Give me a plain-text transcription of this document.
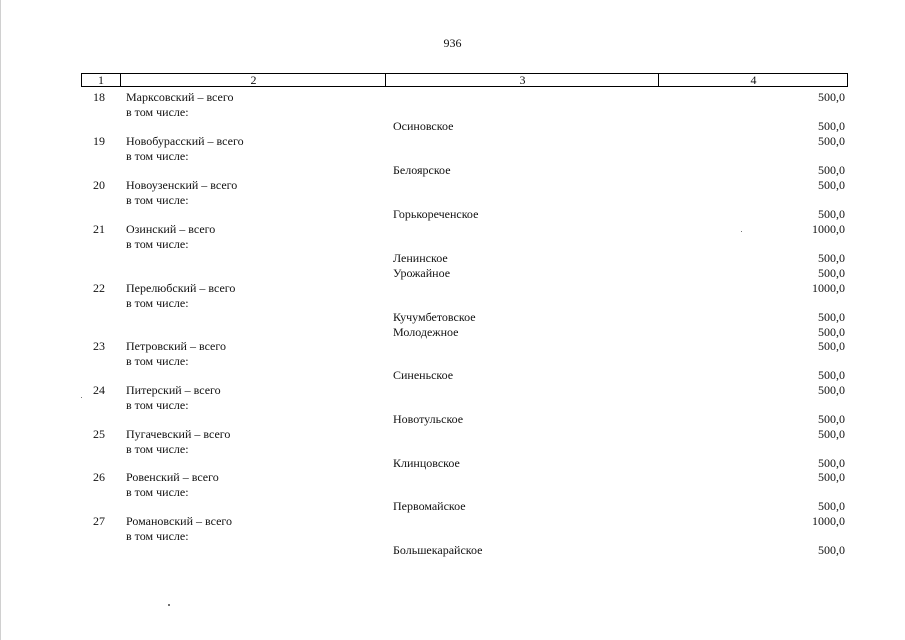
936
1	2	3	4
18 Марксовский – всего	500,0
в том числе:
Осиновское	500,0
19 Новобурасский – всего	500,0
в том числе:
Белоярское	500,0
20 Новоузенский – всего	500,0
в том числе:
Горькореченское	500,0
21 Озинский – всего	1000,0
в том числе:
Ленинское	500,0
Урожайное	500,0
22 Перелюбский – всего	1000,0
в том числе:
Кучумбетовское	500,0
Молодежное	500,0
23 Петровский – всего	500,0
в том числе:
Синеньское	500,0
24 Питерский – всего	500,0
в том числе:
Новотульское	500,0
25 Пугачевский – всего	500,0
в том числе:
Клинцовское	500,0
26 Ровенский – всего	500,0
в том числе:
Первомайское	500,0
27 Романовский – всего	1000,0
в том числе:
Большекарайское	500,0
